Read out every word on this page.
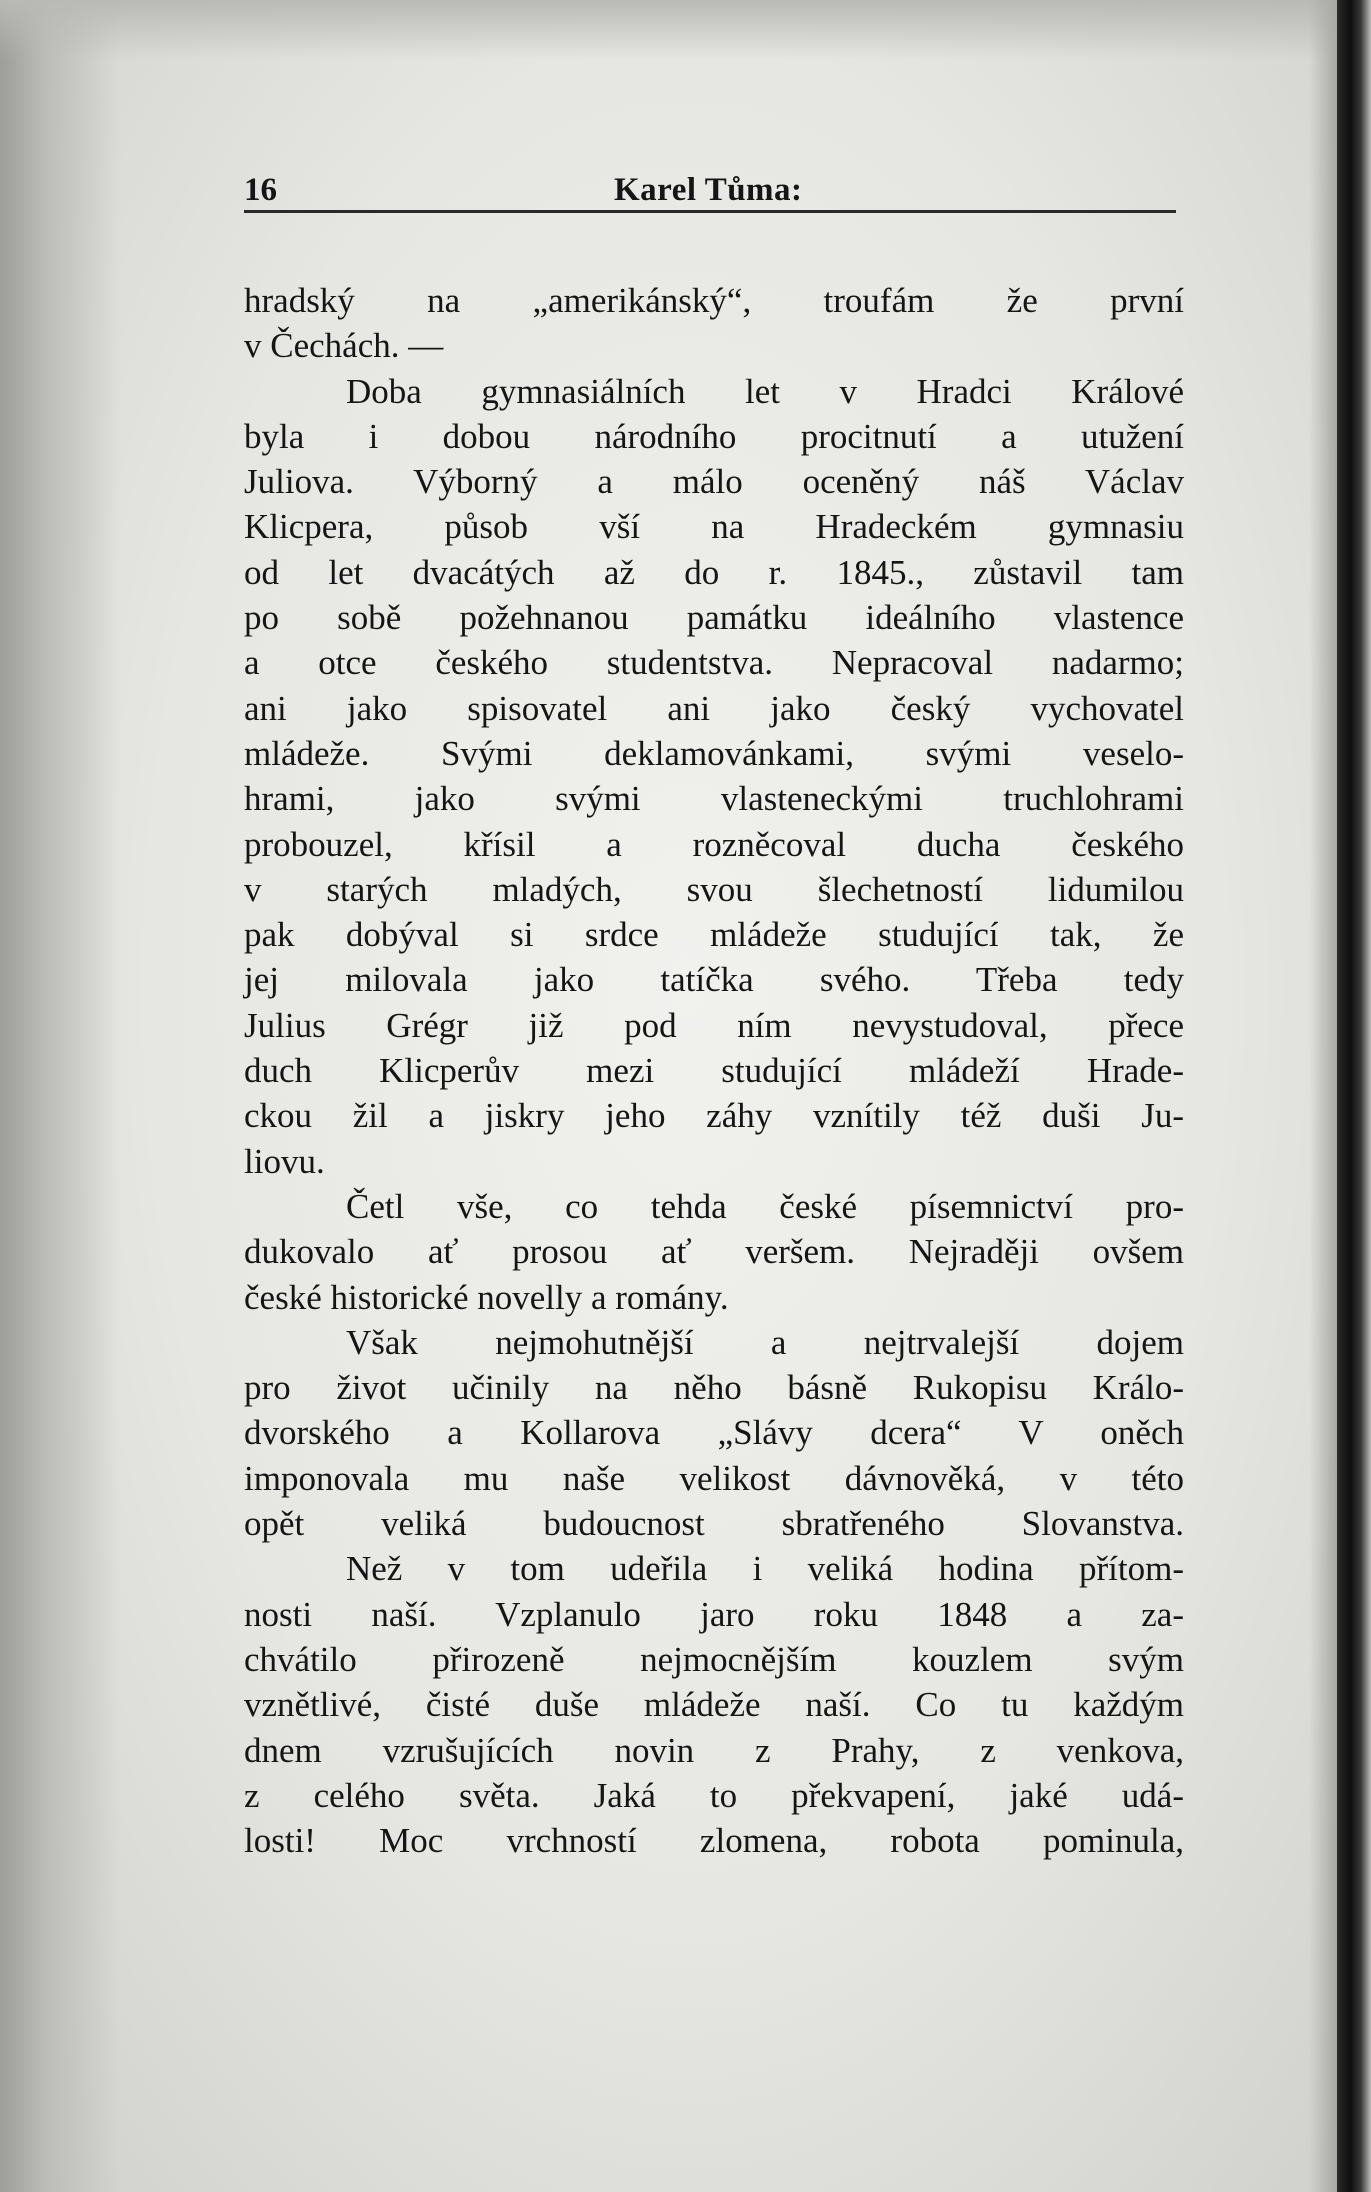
16	Karel Tůma:
hradský na „amerikánský“, troufám že první
v Čechách. —
Doba gymnasiálních let v Hradci Králové
byla i dobou národního procitnutí a utužení
Juliova. Výborný a málo oceněný náš Václav
Klicpera, působ vší na Hradeckém gymnasiu
od let dvacátých až do r. 1845., zůstavil tam
po sobě požehnanou památku ideálního vlastence
a otce českého studentstva. Nepracoval nadarmo;
ani jako spisovatel ani jako český vychovatel
mládeže. Svými deklamovánkami, svými veselo-
hrami, jako svými vlasteneckými truchlohrami
probouzel, křísil a rozněcoval ducha českého
v starých mladých, svou šlechetností lidumilou
pak dobýval si srdce mládeže studující tak, že
jej milovala jako tatíčka svého. Třeba tedy
Julius Grégr již pod ním nevystudoval, přece
duch Klicperův mezi studující mládeží Hrade-
ckou žil a jiskry jeho záhy vznítily též duši Ju-
liovu.
Četl vše, co tehda české písemnictví pro-
dukovalo ať prosou ať veršem. Nejraději ovšem
české historické novelly a romány.
Však nejmohutnější a nejtrvalejší dojem
pro život učinily na něho básně Rukopisu Králo-
dvorského a Kollarova „Slávy dcera“ V oněch
imponovala mu naše velikost dávnověká, v této
opět veliká budoucnost sbratřeného Slovanstva.
Než v tom udeřila i veliká hodina přítom-
nosti naší. Vzplanulo jaro roku 1848 a za-
chvátilo přirozeně nejmocnějším kouzlem svým
vznětlivé, čisté duše mládeže naší. Co tu každým
dnem vzrušujících novin z Prahy, z venkova,
z celého světa. Jaká to překvapení, jaké udá-
losti! Moc vrchností zlomena, robota pominula,
